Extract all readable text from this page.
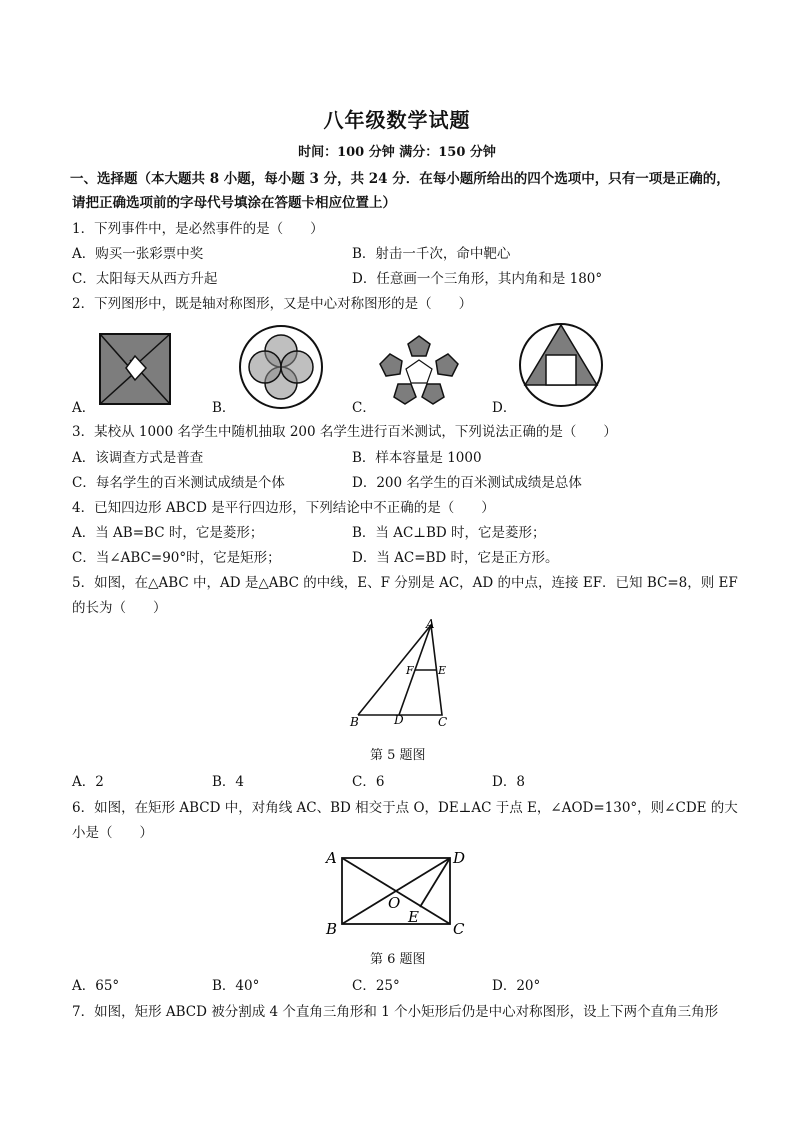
八年级数学试题
时间：100 分钟 满分：150 分钟
一、选择题（本大题共 8 小题，每小题 3 分，共 24 分．在每小题所给出的四个选项中，只有一项是正确的，
请把正确选项前的字母代号填涂在答题卡相应位置上）
1．下列事件中，是必然事件的是（　　）
A．购买一张彩票中奖	B．射击一千次，命中靶心
C．太阳每天从西方升起	D．任意画一个三角形，其内角和是 180°
2．下列图形中，既是轴对称图形，又是中心对称图形的是（　　）
A．	B．	C．	D．
3．某校从 1000 名学生中随机抽取 200 名学生进行百米测试，下列说法正确的是（　　）
A．该调查方式是普查	B．样本容量是 1000
C．每名学生的百米测试成绩是个体	D．200 名学生的百米测试成绩是总体
4．已知四边形 ABCD 是平行四边形，下列结论中不正确的是（　　）
A．当 AB=BC 时，它是菱形；	B．当 AC⊥BD 时，它是菱形；
C．当∠ABC=90°时，它是矩形；	D．当 AC=BD 时，它是正方形。
5．如图，在△ABC 中，AD 是△ABC 的中线，E、F 分别是 AC，AD 的中点，连接 EF．已知 BC=8，则 EF
的长为（　　）
A
B	C
D
E
F
第 5 题图
A．2	B．4	C．6	D．8
6．如图，在矩形 ABCD 中，对角线 AC、BD 相交于点 O，DE⊥AC 于点 E，∠AOD=130°，则∠CDE 的大
小是（　　）
A
B	C
D
O
E
第 6 题图
A．65°	B．40°	C．25°	D．20°
7．如图，矩形 ABCD 被分割成 4 个直角三角形和 1 个小矩形后仍是中心对称图形，设上下两个直角三角形
